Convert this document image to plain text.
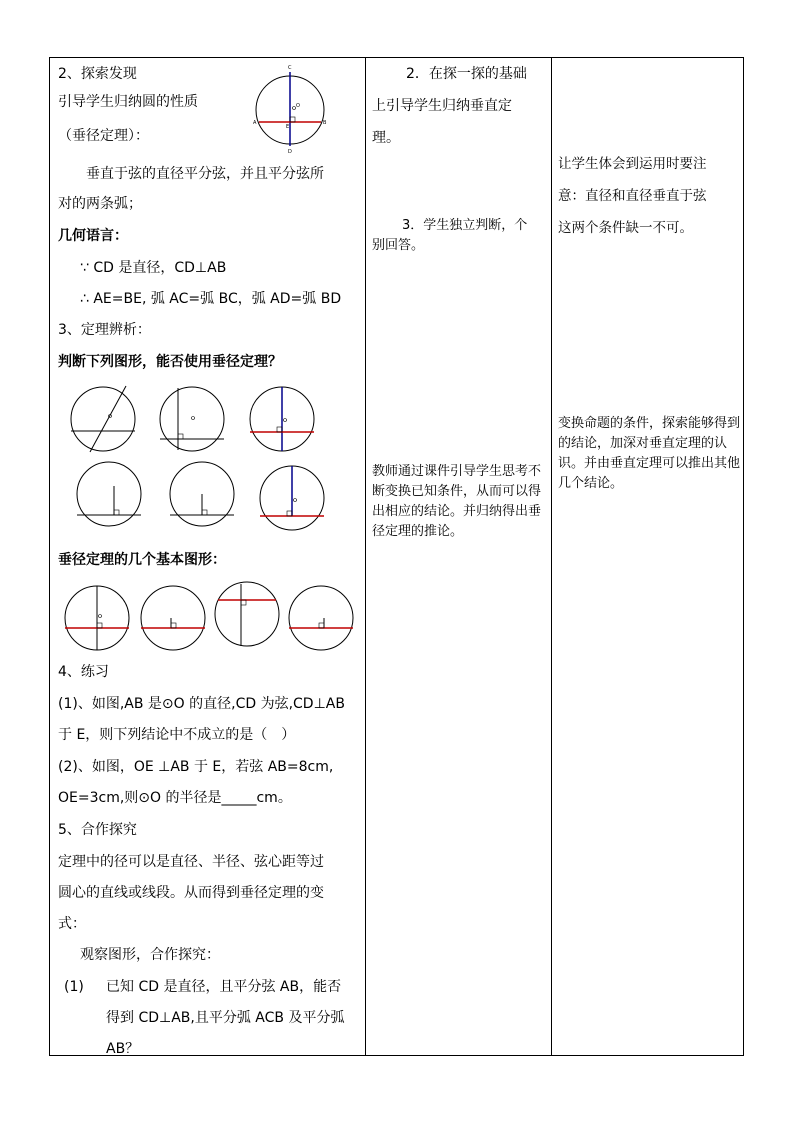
2、探索发现
引导学生归纳圆的性质
（垂径定理）：
C
D
A	B
E
O
垂直于弦的直径平分弦，并且平分弦所
对的两条弧；
几何语言：
∵ CD 是直径，CD⊥AB
∴ AE=BE, 弧 AC=弧 BC，弧 AD=弧 BD
3、定理辨析：
判断下列图形，能否使用垂径定理？
垂径定理的几个基本图形：
4、练习
(1)、如图,AB 是⊙O 的直径,CD 为弦,CD⊥AB
于 E，则下列结论中不成立的是（　）
(2)、如图，OE ⊥AB 于 E，若弦 AB=8cm,
OE=3cm,则⊙O 的半径是_____cm。
5、合作探究
定理中的径可以是直径、半径、弦心距等过
圆心的直线或线段。从而得到垂径定理的变
式：
观察图形，合作探究：
(1) 已知 CD 是直径，且平分弦 AB，能否
得到 CD⊥AB,且平分弧 ACB 及平分弧
AB？
2．在探一探的基础
上引导学生归纳垂直定
理。
3．学生独立判断，个
别回答。
教师通过课件引导学生思考不断变换已知条件，从而可以得出相应的结论。并归纳得出垂径定理的推论。
让学生体会到运用时要注
意：直径和直径垂直于弦
这两个条件缺一不可。
变换命题的条件，探索能够得到的结论，加深对垂直定理的认识。并由垂直定理可以推出其他几个结论。
